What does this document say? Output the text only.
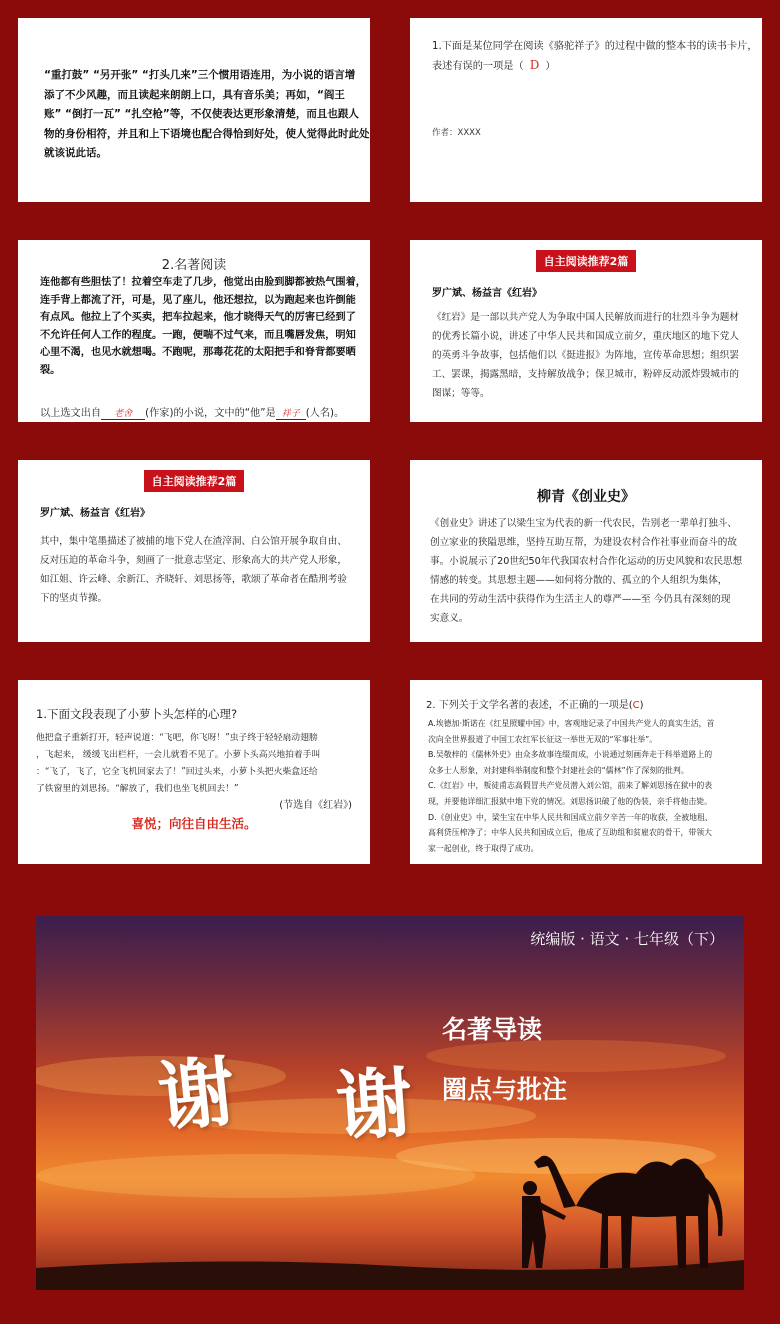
“重打鼓” “另开张” “打头几来”三个惯用语连用，为小说的语言增
添了不少风趣，而且读起来朗朗上口，具有音乐美；再如，“阎王
账” “倒打一瓦” “扎空枪”等，不仅使表达更形象清楚，而且也跟人
物的身份相符，并且和上下语境也配合得恰到好处，使人觉得此时此处
就该说此话。
1.下面是某位同学在阅读《骆驼祥子》的过程中做的整本书的读书卡片，
表述有误的一项是（ D ）
作者：XXXX
2.名著阅读
连他都有些胆怯了！拉着空车走了几步，他觉出由脸到脚都被热气围着，
连手背上都流了汗，可是，见了座儿，他还想拉，以为跑起来也许倒能
有点风。他拉上了个买卖，把车拉起来，他才晓得天气的厉害已经到了
不允许任何人工作的程度。一跑，便喘不过气来，而且嘴唇发焦，明知
心里不渴，也见水就想喝。不跑呢，那毒花花的太阳把手和脊背都要晒
裂。
以上选文出自 老舍 (作家)的小说，文中的“他”是 祥子 (人名)。
自主阅读推荐2篇
罗广斌、杨益言《红岩》
《红岩》是一部以共产党人为争取中国人民解放而进行的壮烈斗争为题材
的优秀长篇小说，讲述了中华人民共和国成立前夕，重庆地区的地下党人
的英勇斗争故事，包括他们以《挺进报》为阵地，宣传革命思想；组织罢
工、罢课，揭露黑暗，支持解放战争；保卫城市，粉碎反动派炸毁城市的
图谋；等等。
自主阅读推荐2篇
罗广斌、杨益言《红岩》
其中，集中笔墨描述了被捕的地下党人在渣滓洞、白公馆开展争取自由、
反对压迫的革命斗争，刻画了一批意志坚定、形象高大的共产党人形象，
如江姐、许云峰、余新江、齐晓轩、刘思扬等，歌颂了革命者在酷刑考验
下的坚贞节操。
柳青《创业史》
《创业史》讲述了以梁生宝为代表的新一代农民，告别老一辈单打独斗、
创立家业的狭隘思维，坚持互助互帮，为建设农村合作社事业而奋斗的故
事。小说展示了20世纪50年代我国农村合作化运动的历史风貌和农民思想
情感的转变。其思想主题——如何将分散的、孤立的个人组织为集体，
在共同的劳动生活中获得作为生活主人的尊严——至 今仍具有深刻的现
实意义。
1.下面文段表现了小萝卜头怎样的心理?
他把盒子重新打开，轻声说道：“飞吧，你飞呀！”虫子终于轻轻扇动翅膀
，飞起来， 缓缓飞出栏杆，一会儿就看不见了。小萝卜头高兴地拍着手叫
：“飞了，飞了，它全飞机回家去了！”回过头来，小萝卜头把火柴盒还给
了铁窗里的刘思扬。“解放了，我们也坐飞机回去！”
(节选自《红岩》)
喜悦；向往自由生活。
2. 下列关于文学名著的表述，不正确的一项是(C)
A.埃德加·斯诺在《红星照耀中国》中，客观地记录了中国共产党人的真实生活，首
次向全世界报道了中国工农红军长征这一举世无双的“军事壮举”。
B.吴敬梓的《儒林外史》由众多故事连缀而成，小说通过刻画奔走于科举道路上的
众多士人形象，对封建科举制度和整个封建社会的“儒林”作了深刻的批判。
C.《红岩》中，叛徒甫志高假冒共产党员潜入刘公馆，前来了解刘思扬在狱中的表
现，并要他详细汇报狱中地下党的情况。刘思扬识破了他的伪装，亲手将他击毙。
D.《创业史》中，梁生宝在中华人民共和国成立前夕辛苦一年的收获，全被地租、
高利贷压榨净了；中华人民共和国成立后，他成了互助组和贫雇农的骨干，带领大
家一起创业，终于取得了成功。
统编版 · 语文 · 七年级（下）
谢 谢
名著导读
圈点与批注
